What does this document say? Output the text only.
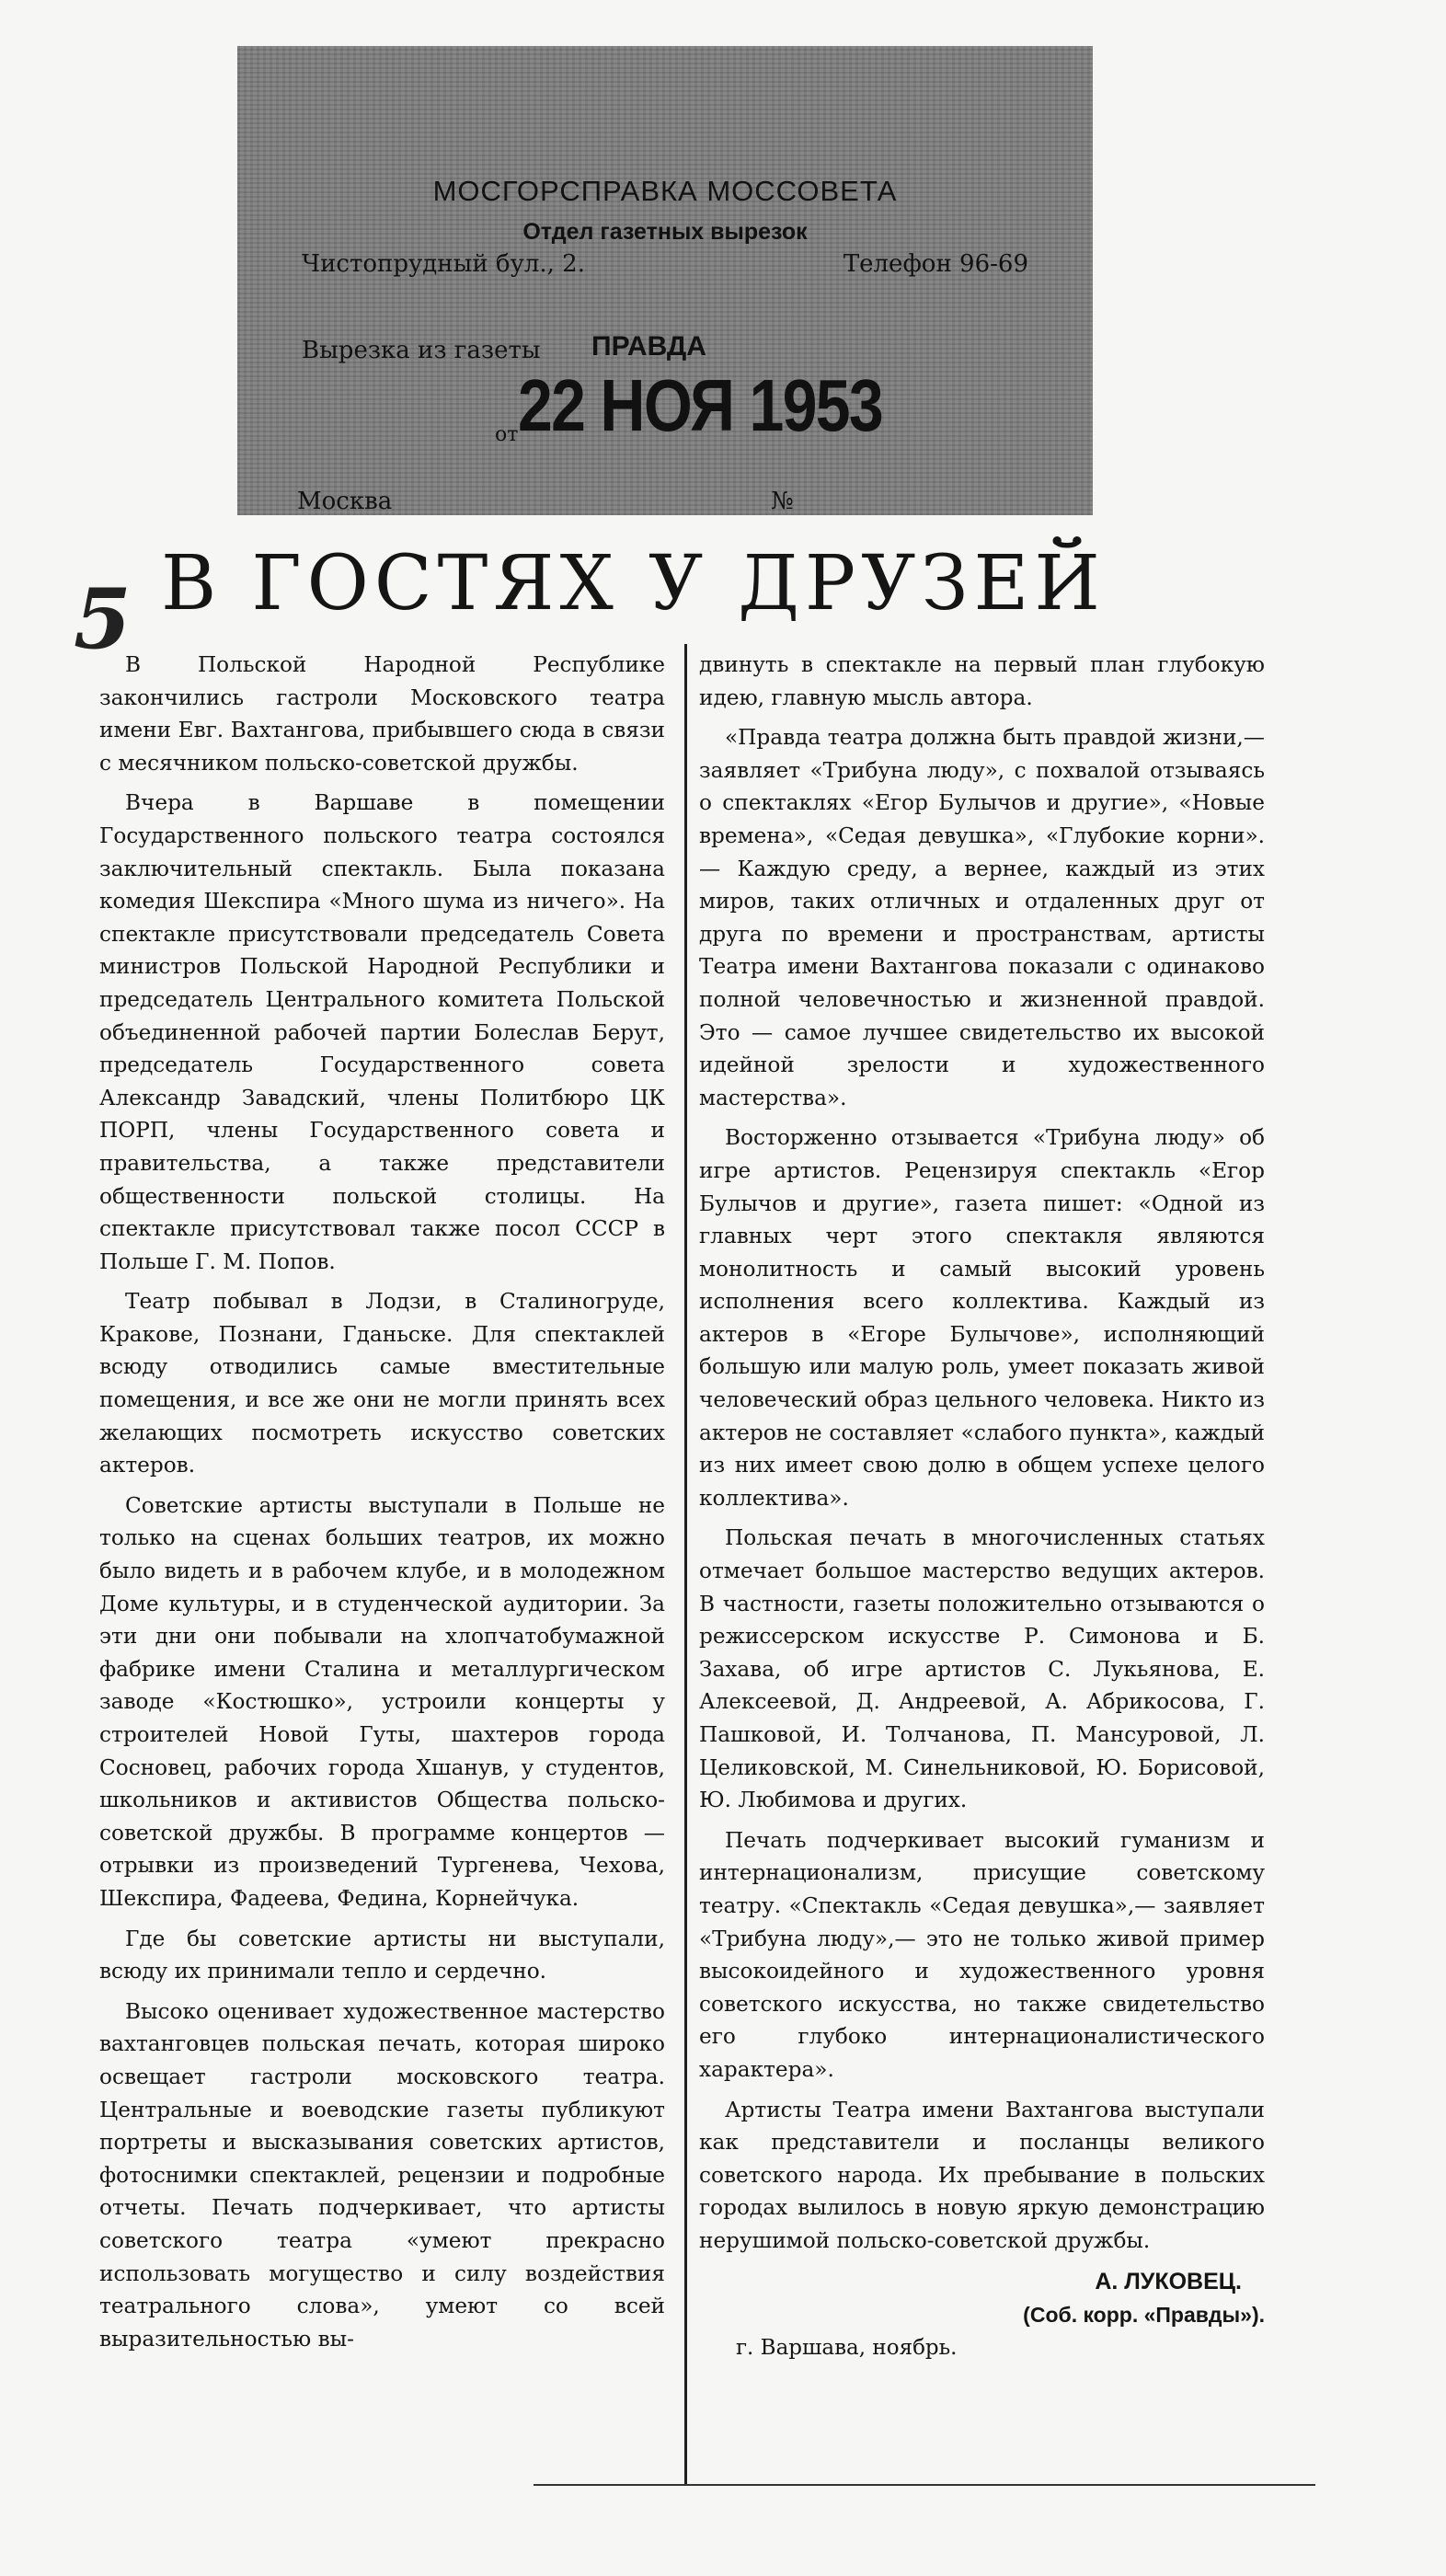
МОСГОРСПРАВКА МОССОВЕТА
Отдел газетных вырезок
Чистопрудный бул., 2.	Телефон 96-69
Вырезка из газеты ПРАВДА
от 22 НОЯ 1953
Москва	№
5 В ГОСТЯХ У ДРУЗЕЙ

В Польской Народной Республике закончились гастроли Московского театра имени Евг. Вахтангова, прибывшего сюда в связи с месячником польско-советской дружбы.

Вчера в Варшаве в помещении Государственного польского театра состоялся заключительный спектакль. Была показана комедия Шекспира «Много шума из ничего». На спектакле присутствовали председатель Совета министров Польской Народной Республики и председатель Центрального комитета Польской объединенной рабочей партии Болеслав Берут, председатель Государственного совета Александр Завадский, члены Политбюро ЦК ПОРП, члены Государственного совета и правительства, а также представители общественности польской столицы. На спектакле присутствовал также посол СССР в Польше Г. М. Попов.

Театр побывал в Лодзи, в Сталиногруде, Кракове, Познани, Гданьске. Для спектаклей всюду отводились самые вместительные помещения, и все же они не могли принять всех желающих посмотреть искусство советских актеров.

Советские артисты выступали в Польше не только на сценах больших театров, их можно было видеть и в рабочем клубе, и в молодежном Доме культуры, и в студенческой аудитории. За эти дни они побывали на хлопчатобумажной фабрике имени Сталина и металлургическом заводе «Костюшко», устроили концерты у строителей Новой Гуты, шахтеров города Сосновец, рабочих города Хшанув, у студентов, школьников и активистов Общества польско-советской дружбы. В программе концертов — отрывки из произведений Тургенева, Чехова, Шекспира, Фадеева, Федина, Корнейчука.

Где бы советские артисты ни выступали, всюду их принимали тепло и сердечно.

Высоко оценивает художественное мастерство вахтанговцев польская печать, которая широко освещает гастроли московского театра. Центральные и воеводские газеты публикуют портреты и высказывания советских артистов, фотоснимки спектаклей, рецензии и подробные отчеты. Печать подчеркивает, что артисты советского театра «умеют прекрасно использовать могущество и силу воздействия театрального слова», умеют со всей выразительностью вы-

двинуть в спектакле на первый план глубокую идею, главную мысль автора.

«Правда театра должна быть правдой жизни,— заявляет «Трибуна люду», с похвалой отзываясь о спектаклях «Егор Булычов и другие», «Новые времена», «Седая девушка», «Глубокие корни».— Каждую среду, а вернее, каждый из этих миров, таких отличных и отдаленных друг от друга по времени и пространствам, артисты Театра имени Вахтангова показали с одинаково полной человечностью и жизненной правдой. Это — самое лучшее свидетельство их высокой идейной зрелости и художественного мастерства».

Восторженно отзывается «Трибуна люду» об игре артистов. Рецензируя спектакль «Егор Булычов и другие», газета пишет: «Одной из главных черт этого спектакля являются монолитность и самый высокий уровень исполнения всего коллектива. Каждый из актеров в «Егоре Булычове», исполняющий большую или малую роль, умеет показать живой человеческий образ цельного человека. Никто из актеров не составляет «слабого пункта», каждый из них имеет свою долю в общем успехе целого коллектива».

Польская печать в многочисленных статьях отмечает большое мастерство ведущих актеров. В частности, газеты положительно отзываются о режиссерском искусстве Р. Симонова и Б. Захава, об игре артистов С. Лукьянова, Е. Алексеевой, Д. Андреевой, А. Абрикосова, Г. Пашковой, И. Толчанова, П. Мансуровой, Л. Целиковской, М. Синельниковой, Ю. Борисовой, Ю. Любимова и других.

Печать подчеркивает высокий гуманизм и интернационализм, присущие советскому театру. «Спектакль «Седая девушка»,— заявляет «Трибуна люду»,— это не только живой пример высокоидейного и художественного уровня советского искусства, но также свидетельство его глубоко интернационалистического характера».

Артисты Театра имени Вахтангова выступали как представители и посланцы великого советского народа. Их пребывание в польских городах вылилось в новую яркую демонстрацию нерушимой польско-советской дружбы.

А. ЛУКОВЕЦ.
(Соб. корр. «Правды»).
г. Варшава, ноябрь.
